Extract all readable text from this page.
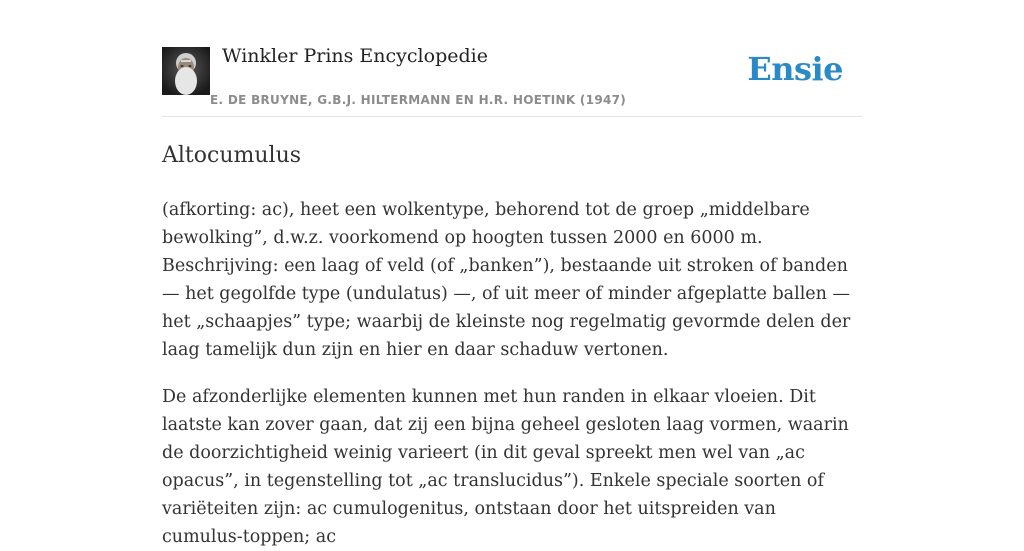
Winkler Prins Encyclopedie
E. DE BRUYNE, G.B.J. HILTERMANN EN H.R. HOETINK (1947)
Ensie
Altocumulus

(afkorting: ac), heet een wolkentype, behorend tot de groep „middelbare bewolking”, d.w.z. voorkomend op hoogten tussen 2000 en 6000 m. Beschrijving: een laag of veld (of „banken”), bestaande uit stroken of banden — het gegolfde type (undulatus) —, of uit meer of minder afgeplatte ballen — het „schaapjes” type; waarbij de kleinste nog regelmatig gevormde delen der laag tamelijk dun zijn en hier en daar schaduw vertonen.

De afzonderlijke elementen kunnen met hun randen in elkaar vloeien. Dit laatste kan zover gaan, dat zij een bijna geheel gesloten laag vormen, waarin de doorzichtigheid weinig varieert (in dit geval spreekt men wel van „ac opacus”, in tegenstelling tot „ac translucidus”). Enkele speciale soorten of variëteiten zijn: ac cumulogenitus, ontstaan door het uitspreiden van cumulus-toppen; ac
